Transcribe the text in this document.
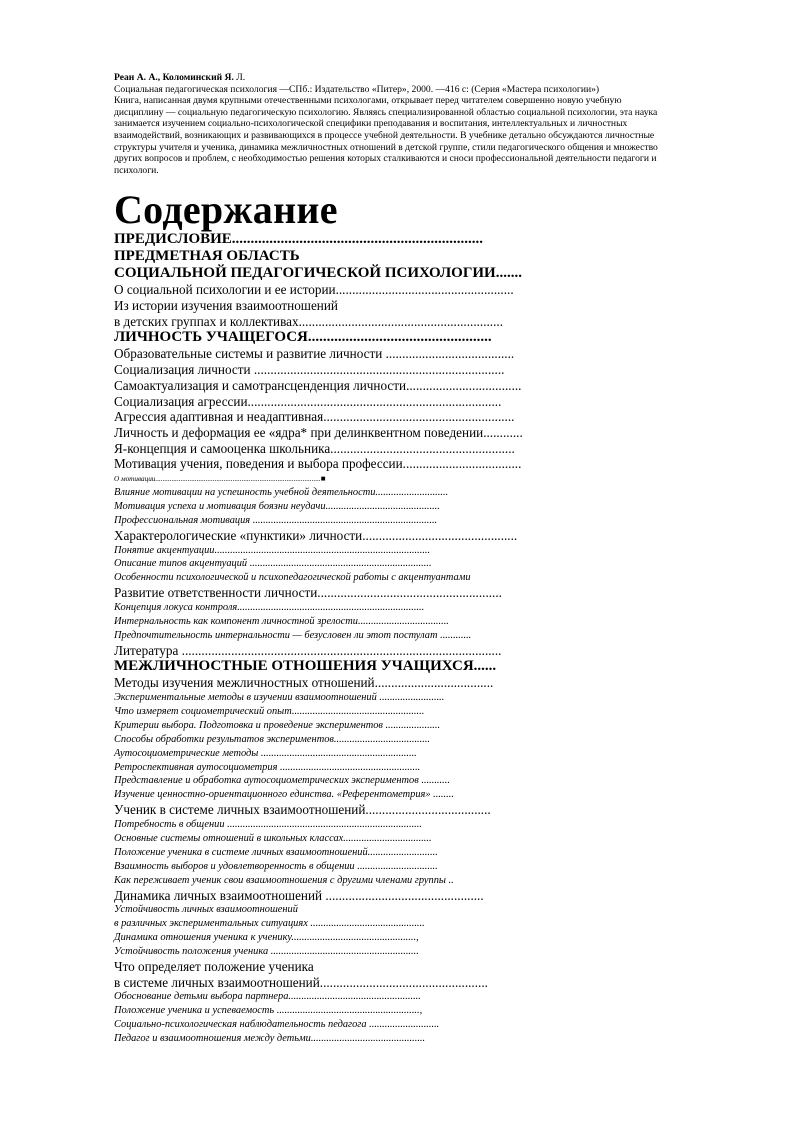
Реан А. А., Коломинский Я. Л.
Социальная педагогическая психология —СПб.: Издательство «Питер», 2000. —416 с: (Серия «Мастера психологии»)
Книга, написанная двумя крупными отечественными психологами, открывает перед читателем совершенно новую учебную
дисциплину — социальную педагогическую психологию. Являясь специализированной областью социальной психологии, эта наука
занимается изучением социально-психологической специфики преподавания и воспитания, интеллектуальных и личностных
взаимодействий, возникающих и развивающихся в процессе учебной деятельности. В учебнике детально обсуждаются личностные
структуры учителя и ученика, динамика межличностных отношений в детской группе, стили педагогического общения и множество
других вопросов и проблем, с необходимостью решения которых сталкиваются и сноси профессиональной деятельности педагоги и
психологи.
Содержание
ПРЕДИСЛОВИЕ...................................................................
ПРЕДМЕТНАЯ ОБЛАСТЬ
СОЦИАЛЬНОЙ ПЕДАГОГИЧЕСКОЙ ПСИХОЛОГИИ.......
О социальной психологии и ее истории......................................................
Из истории изучения взаимоотношений
в детских группах и коллективах..............................................................
ЛИЧНОСТЬ УЧАЩЕГОСЯ.................................................
Образовательные системы и развитие личности .......................................
Социализация личности ............................................................................
Самоактуализация и самотрансценденция личности...................................
Социализация агрессии.............................................................................
Агрессия адаптивная и неадаптивная..........................................................
Личность и деформация ее «ядра* при делинквентном поведении............
Я-концепция и самооценка школьника........................................................
Мотивация учения, поведения и выбора профессии....................................
О мотивации............................................................................................■
Влияние мотивации на успешность учебной деятельности............................
Мотивация успеха и мотивация боязни неудачи............................................
Профессиональная мотивация .......................................................................
Характерологические «пунктики» личности...............................................
Понятие акцентуации...................................................................................
Описание типов акцентуаций ......................................................................
Особенности психологической и психопедагогической работы с акцентуантами
Развитие ответственности личности........................................................
Концепция локуса контроля........................................................................
Интернальность как компонент личностной зрелости...................................
Предпочтительность интернальности — безусловен ли этот постулат ............
Литература .................................................................................................
МЕЖЛИЧНОСТНЫЕ ОТНОШЕНИЯ УЧАЩИХСЯ......
Методы изучения межличностных отношений....................................
Экспериментальные методы в изучении взаимоотношений .........................
Что измеряет социометрический опыт...................................................
Критерии выбора. Подготовка и проведение экспериментов .....................
Способы обработки результатов экспериментов.....................................
Аутосоциометрические методы ............................................................
Ретроспективная аутосоциометрия ......................................................
Представление и обработка аутосоциометрических экспериментов ...........
Изучение ценностно-ориентационного единства. «Референтометрия» ........
Ученик в системе личных взаимоотношений......................................
Потребность в общении ...........................................................................
Основные системы отношений в школьных классах..................................
Положение ученика в системе личных взаимоотношений...........................
Взаимность выборов и удовлетворенность в общении ...............................
Как переживает ученик свои взаимоотношения с другими членами группы ..
Динамика личных взаимоотношений ................................................
Устойчивость личных взаимоотношений
в различных экспериментальных ситуациях ............................................
Динамика отношения ученика к ученику................................................,
Устойчивость положения ученика .........................................................
Что определяет положение ученика
в системе личных взаимоотношений...................................................
Обоснование детьми выбора партнера...................................................
Положение ученика и успеваемость .......................................................,
Социально-психологическая наблюдательность педагога ...........................
Педагог и взаимоотношения между детьми............................................
